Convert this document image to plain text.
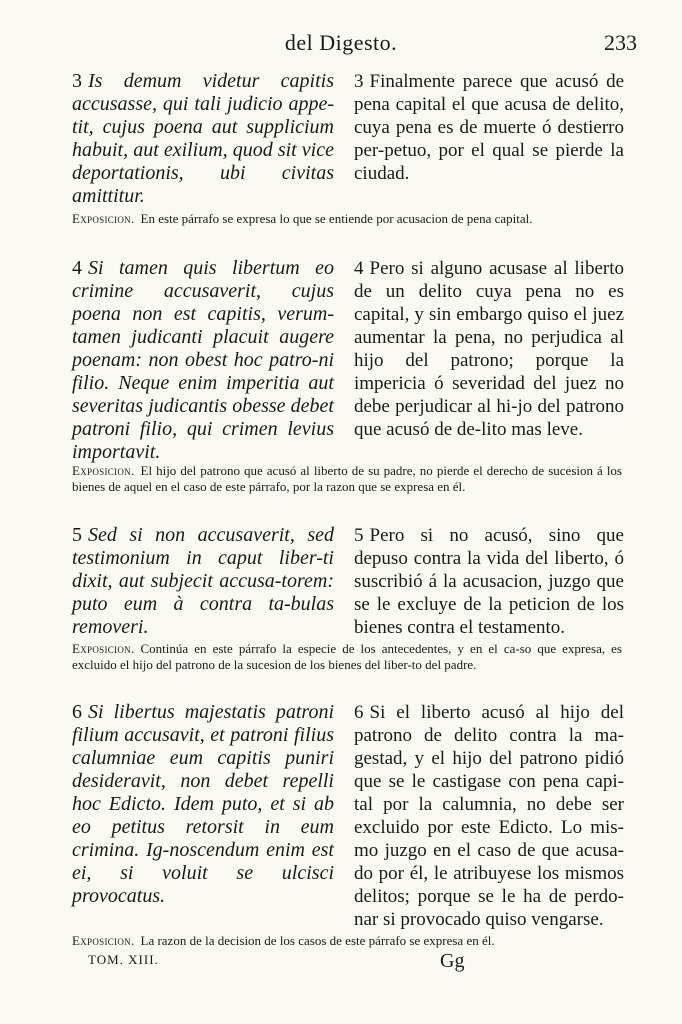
del Digesto.	233
3 Is demum videtur capitis accusasse, qui tali judicio appe-tit, cujus poena aut supplicium habuit, aut exilium, quod sit vice deportationis, ubi civitas amittitur.
3 Finalmente parece que acusó de pena capital el que acusa de delito, cuya pena es de muerte ó destierro per-petuo, por el qual se pierde la ciudad.
Exposicion. En este párrafo se expresa lo que se entiende por acusacion de pena capital.
4 Si tamen quis libertum eo crimine accusaverit, cujus poena non est capitis, verum-tamen judicanti placuit augere poenam: non obest hoc patro-ni filio. Neque enim imperitia aut severitas judicantis obesse debet patroni filio, qui crimen levius importavit.
4 Pero si alguno acusase al liberto de un delito cuya pena no es capital, y sin embargo quiso el juez aumentar la pena, no perjudica al hijo del patrono; porque la impericia ó severidad del juez no debe perjudicar al hi-jo del patrono que acusó de de-lito mas leve.
Exposicion. El hijo del patrono que acusó al liberto de su padre, no pierde el derecho de sucesion á los bienes de aquel en el caso de este párrafo, por la razon que se expresa en él.
5 Sed si non accusaverit, sed testimonium in caput liber-ti dixit, aut subjecit accusa-torem: puto eum à contra ta-bulas removeri.
5 Pero si no acusó, sino que depuso contra la vida del liberto, ó suscribió á la acusacion, juzgo que se le excluye de la peticion de los bienes contra el testamento.
Exposicion. Continúa en este párrafo la especie de los antecedentes, y en el ca-so que expresa, es excluido el hijo del patrono de la sucesion de los bienes del liber-to del padre.
6 Si libertus majestatis patroni filium accusavit, et patroni filius calumniae eum capitis puniri desideravit, non debet repelli hoc Edicto. Idem puto, et si ab eo petitus retorsit in eum crimina. Ig-noscendum enim est ei, si voluit se ulcisci provocatus.
6 Si el liberto acusó al hijo del patrono de delito contra la ma-gestad, y el hijo del patrono pidió que se le castigase con pena capi-tal por la calumnia, no debe ser excluido por este Edicto. Lo mis-mo juzgo en el caso de que acusa-do por él, le atribuyese los mismos delitos; porque se le ha de perdo-nar si provocado quiso vengarse.
Exposicion. La razon de la decision de los casos de este párrafo se expresa en él.
TOM. XIII.	Gg
